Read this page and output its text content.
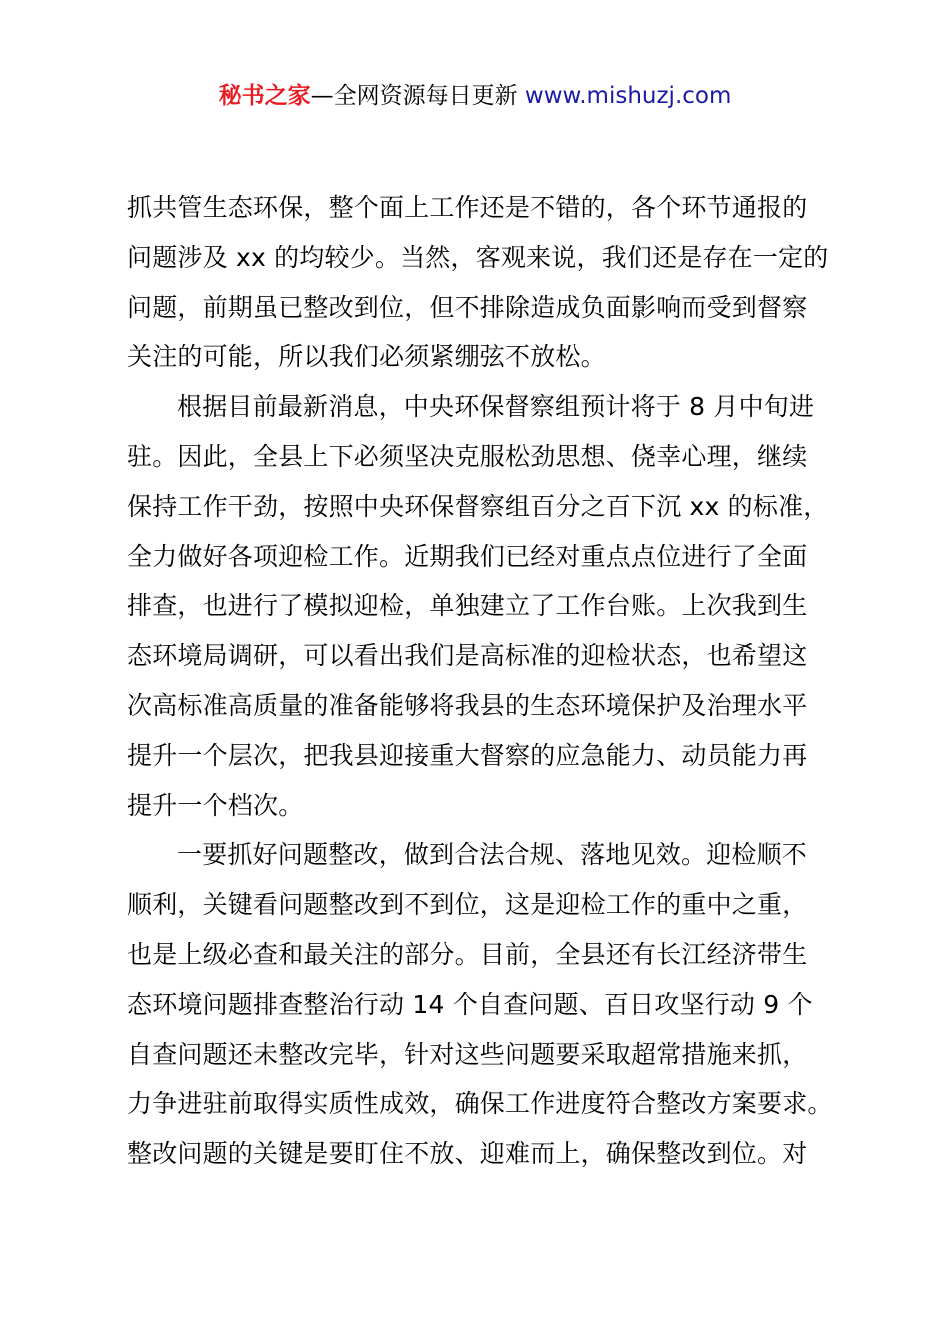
秘书之家—全网资源每日更新 www.mishuzj.com
抓共管生态环保，整个面上工作还是不错的，各个环节通报的
问题涉及 xx 的均较少。当然，客观来说，我们还是存在一定的
问题，前期虽已整改到位，但不排除造成负面影响而受到督察
关注的可能，所以我们必须紧绷弦不放松。
根据目前最新消息，中央环保督察组预计将于 8 月中旬进
驻。因此，全县上下必须坚决克服松劲思想、侥幸心理，继续
保持工作干劲，按照中央环保督察组百分之百下沉 xx 的标准，
全力做好各项迎检工作。近期我们已经对重点点位进行了全面
排查，也进行了模拟迎检，单独建立了工作台账。上次我到生
态环境局调研，可以看出我们是高标准的迎检状态，也希望这
次高标准高质量的准备能够将我县的生态环境保护及治理水平
提升一个层次，把我县迎接重大督察的应急能力、动员能力再
提升一个档次。
一要抓好问题整改，做到合法合规、落地见效。迎检顺不
顺利，关键看问题整改到不到位，这是迎检工作的重中之重，
也是上级必查和最关注的部分。目前，全县还有长江经济带生
态环境问题排查整治行动 14 个自查问题、百日攻坚行动 9 个
自查问题还未整改完毕，针对这些问题要采取超常措施来抓，
力争进驻前取得实质性成效，确保工作进度符合整改方案要求。
整改问题的关键是要盯住不放、迎难而上，确保整改到位。对
